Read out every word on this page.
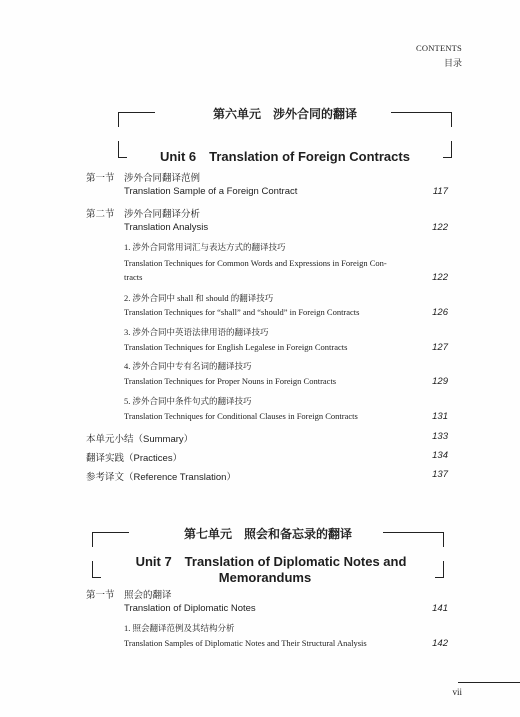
CONTENTS
目录
第六单元　涉外合同的翻译
Unit 6　Translation of Foreign Contracts
第一节 涉外合同翻译范例
Translation Sample of a Foreign Contract	117
第二节 涉外合同翻译分析
Translation Analysis	122
1. 涉外合同常用词汇与表达方式的翻译技巧
Translation Techniques for Common Words and Expressions in Foreign Con-
tracts	122
2. 涉外合同中 shall 和 should 的翻译技巧
Translation Techniques for “shall” and “should” in Foreign Contracts	126
3. 涉外合同中英语法律用语的翻译技巧
Translation Techniques for English Legalese in Foreign Contracts	127
4. 涉外合同中专有名词的翻译技巧
Translation Techniques for Proper Nouns in Foreign Contracts	129
5. 涉外合同中条件句式的翻译技巧
Translation Techniques for Conditional Clauses in Foreign Contracts	131
本单元小结（Summary）	133
翻译实践（Practices）	134
参考译文（Reference Translation）	137
第七单元　照会和备忘录的翻译
Unit 7　Translation of Diplomatic Notes and Memorandums
第一节 照会的翻译
Translation of Diplomatic Notes	141
1. 照会翻译范例及其结构分析
Translation Samples of Diplomatic Notes and Their Structural Analysis	142
vii
